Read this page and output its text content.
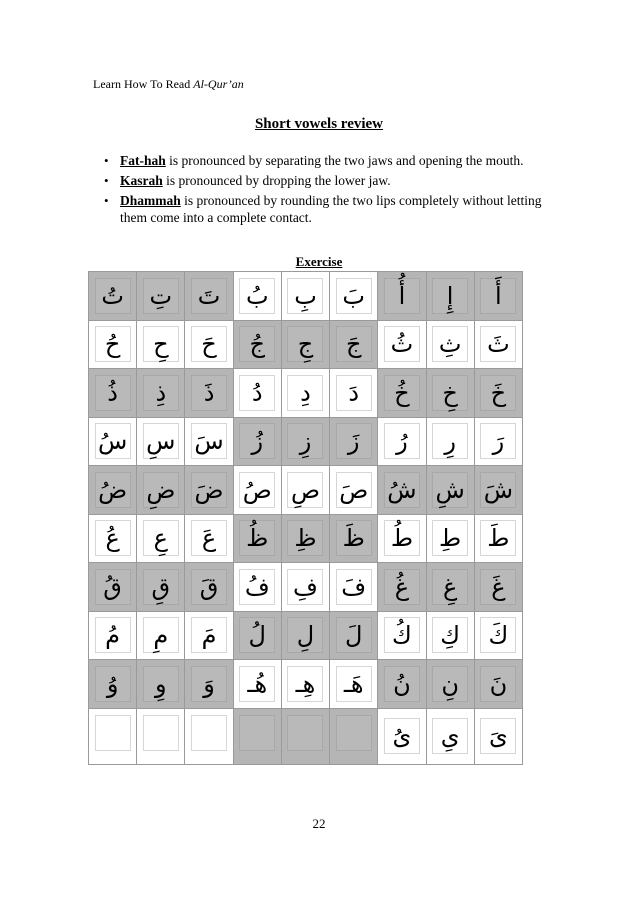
Learn How To Read Al-Qur’an
Short vowels review
• Fat-hah is pronounced by separating the two jaws and opening the mouth.
• Kasrah is pronounced by dropping the lower jaw.
• Dhammah is pronounced by rounding the two lips completely without letting them come into a complete contact.
Exercise
تُ	تِ	تَ	بُ	بِ	بَ	أُ	إِ	أَ
حُ	حِ	حَ	جُ	جِ	جَ	ثُ	ثِ	ثَ
ذُ	ذِ	ذَ	دُ	دِ	دَ	خُ	خِ	خَ
سُ	سِ	سَ	زُ	زِ	زَ	رُ	رِ	رَ
ضُ	ضِ	ضَ	صُ	صِ	صَ	شُ	شِ	شَ
عُ	عِ	عَ	ظُ	ظِ	ظَ	طُ	طِ	طَ
قُ	قِ	قَ	فُ	فِ	فَ	غُ	غِ	غَ
مُ	مِ	مَ	لُ	لِ	لَ	كُ	كِ	كَ
وُ	وِ	وَ	هُـ	هِـ	هَـ	نُ	نِ	نَ
						ىُ	ىِ	ىَ
22
